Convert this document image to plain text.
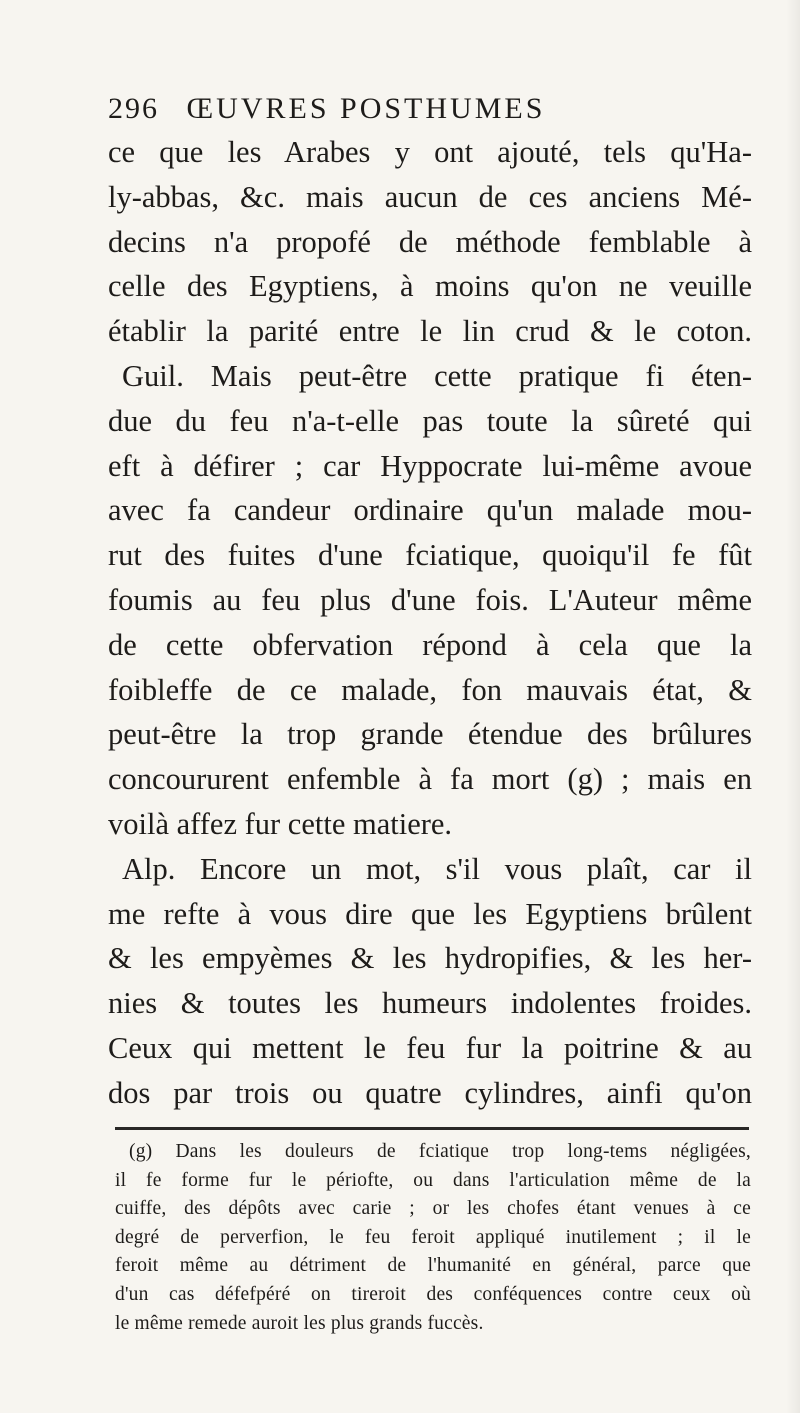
296 ŒUVRES POSTHUMES
ce que les Arabes y ont ajouté, tels qu'Ha-
ly-abbas, &c. mais aucun de ces anciens Mé-
decins n'a propofé de méthode femblable à
celle des Egyptiens, à moins qu'on ne veuille
établir la parité entre le lin crud & le coton.
Guil. Mais peut-être cette pratique fi éten-
due du feu n'a-t-elle pas toute la sûreté qui
eft à défirer ; car Hyppocrate lui-même avoue
avec fa candeur ordinaire qu'un malade mou-
rut des fuites d'une fciatique, quoiqu'il fe fût
foumis au feu plus d'une fois. L'Auteur même
de cette obfervation répond à cela que la
foibleffe de ce malade, fon mauvais état, &
peut-être la trop grande étendue des brûlures
concoururent enfemble à fa mort (g) ; mais en
voilà affez fur cette matiere.
Alp. Encore un mot, s'il vous plaît, car il
me refte à vous dire que les Egyptiens brûlent
& les empyèmes & les hydropifies, & les her-
nies & toutes les humeurs indolentes froides.
Ceux qui mettent le feu fur la poitrine & au
dos par trois ou quatre cylindres, ainfi qu'on
(g) Dans les douleurs de fciatique trop long-tems négligées,
il fe forme fur le périofte, ou dans l'articulation même de la
cuiffe, des dépôts avec carie ; or les chofes étant venues à ce
degré de perverfion, le feu feroit appliqué inutilement ; il le
feroit même au détriment de l'humanité en général, parce que
d'un cas défefpéré on tireroit des conféquences contre ceux où
le même remede auroit les plus grands fuccès.
